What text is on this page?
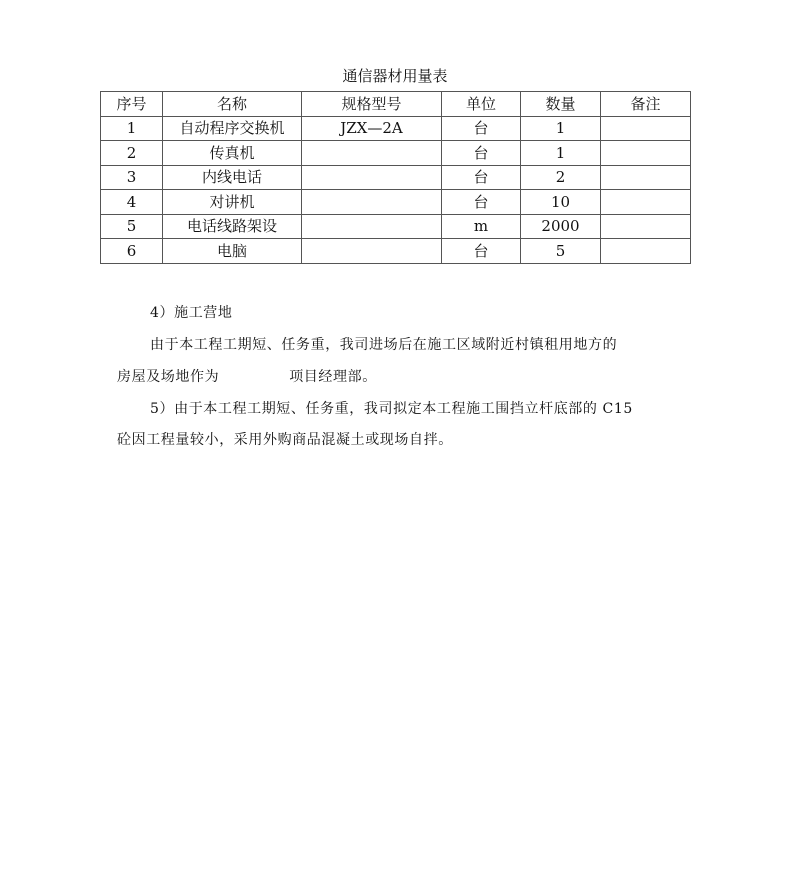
通信器材用量表
序号	名称	规格型号	单位	数量	备注
1	自动程序交换机	JZX—2A	台	1	
2	传真机		台	1	
3	内线电话		台	2	
4	对讲机		台	10	
5	电话线路架设		m	2000	
6	电脑		台	5	
4）施工营地
由于本工程工期短、任务重，我司进场后在施工区域附近村镇租用地方的
房屋及场地作为	项目经理部。
5）由于本工程工期短、任务重，我司拟定本工程施工围挡立杆底部的 C15
砼因工程量较小，采用外购商品混凝土或现场自拌。
